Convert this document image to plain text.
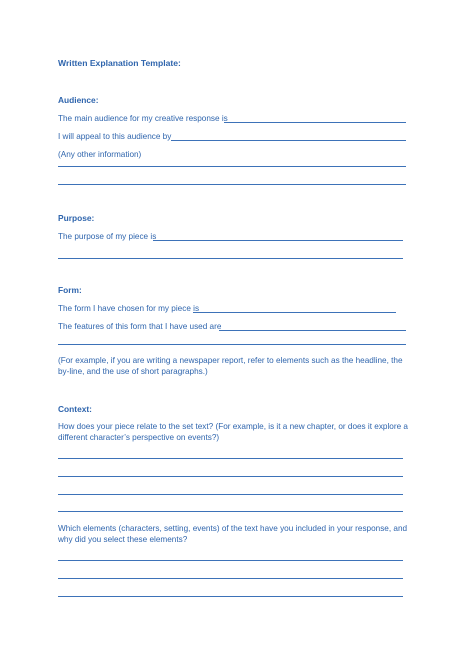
Written Explanation Template:
Audience:
The main audience for my creative response is
I will appeal to this audience by
(Any other information)
Purpose:
The purpose of my piece is
Form:
The form I have chosen for my piece is
The features of this form that I have used are
(For example, if you are writing a newspaper report, refer to elements such as the headline, the by-line, and the use of short paragraphs.)
Context:
How does your piece relate to the set text? (For example, is it a new chapter, or does it explore a different character’s perspective on events?)
Which elements (characters, setting, events) of the text have you included in your response, and why did you select these elements?
